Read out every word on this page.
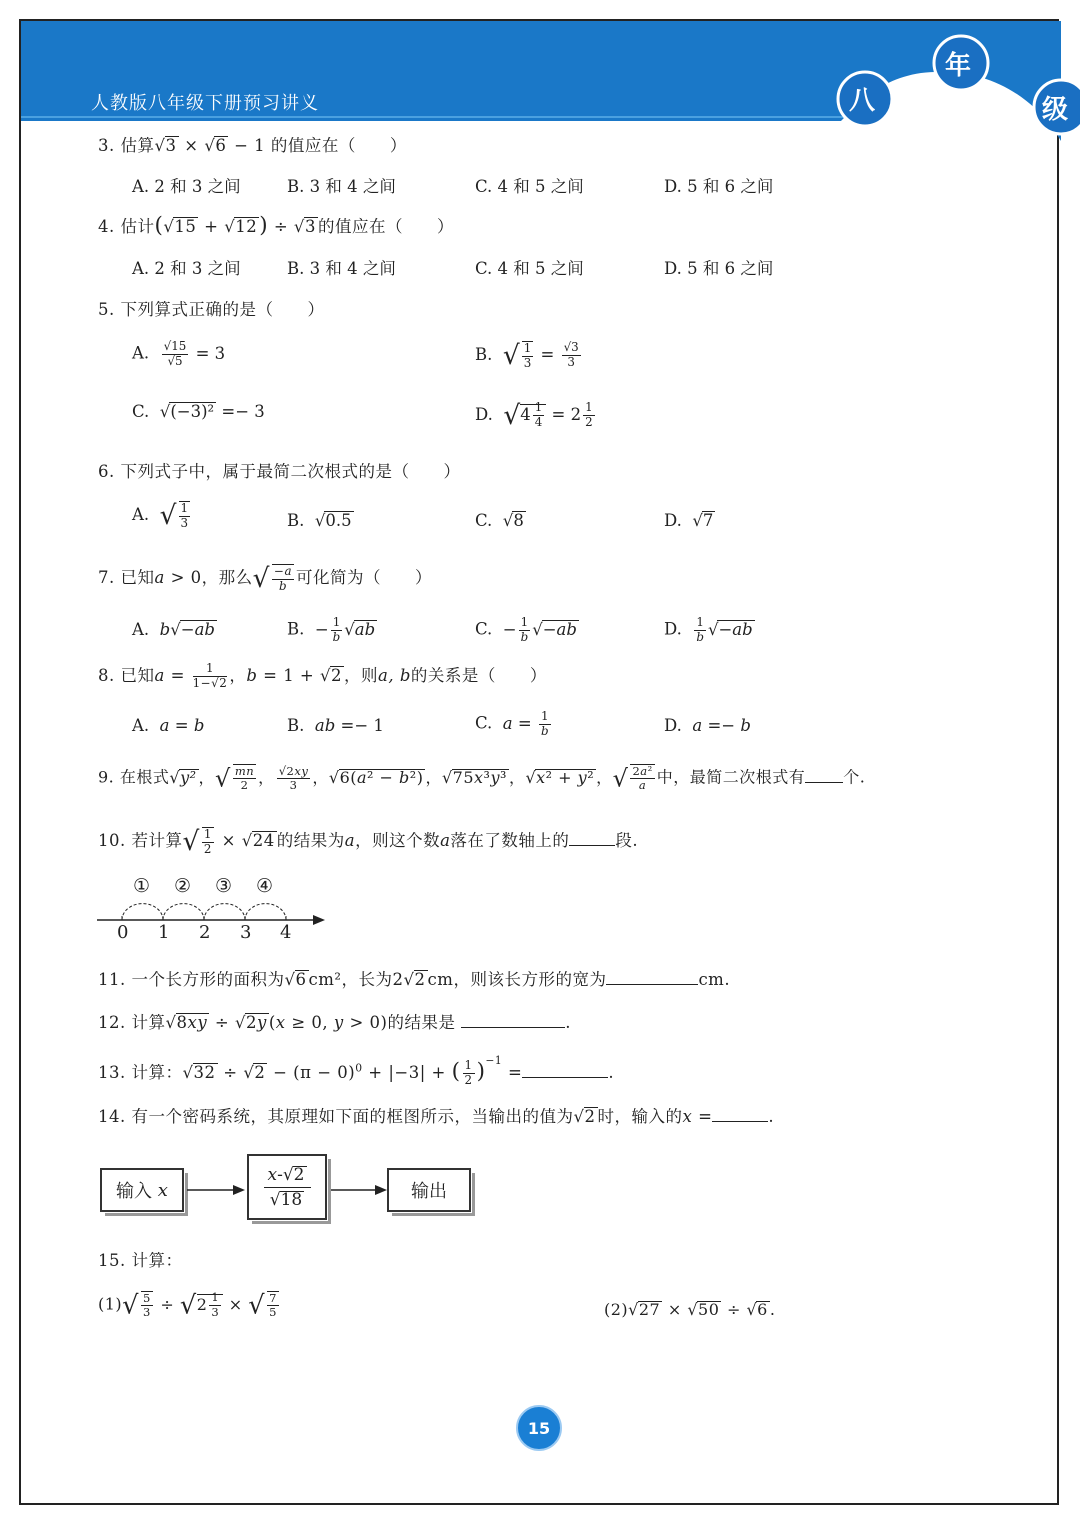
人教版八年级下册预习讲义	八
年
级
3. 估算√3 × √6 − 1 的值应在（　　）
A. 2 和 3 之间	B. 3 和 4 之间	C. 4 和 5 之间	D. 5 和 6 之间
4. 估计(√15 + √12) ÷ √3 的值应在（　　）
A. 2 和 3 之间	B. 3 和 4 之间	C. 4 和 5 之间	D. 5 和 6 之间
5. 下列算式正确的是（　　）
A. $\frac{√15}{√5} = 3$	B. √ $\frac{1}{3} = \frac{√3}{3}$
C. √(−3)² =− 3	D. $√4 \frac{1}{4} = 2 \frac{1}{2}$
6. 下列式子中，属于最简二次根式的是（　　）
A. √ $\frac{1}{3}$	B. √0.5	C. √8	D. √7
7. 已知a > 0，那么√ $\frac{-a}{b}$ 可化简为（　　）
A. b√−ab	B. − $\frac{1}{b} √ab$	C. − $\frac{1}{b} √-ab$	D. $\frac{1}{b} √-ab$
8. 已知$a = \frac{1}{1-√2}$ ，b = 1 + √2 ，则a, b的关系是（　　）
A. a = b	B. ab =− 1	C. $a = \frac{1}{b}$	D. a =− b
9. 在根式√y² ，√ $\frac{mn}{2}$ ， $\frac{√2xy}{3}$ ，√6(a² − b²) ，√75x³y³ ，√x² + y² ，√ $\frac{\text{2a²}}{a}$ 中，最简二次根式有 个.
10. 若计算√ $\frac{1}{2} \times √24$ 的结果为a，则这个数a落在了数轴上的	段.
① ② ③ ④
0 1 2 3 4
11. 一个长方形的面积为√6 cm²，长为2√2 cm，则该长方形的宽为	cm.
12. 计算√8xy ÷ √2y (x ≥ 0, y > 0)的结果是	.
13. 计算：$√32 \div √2 - (\pi - 0)^0 + |-3|$ + ( $\frac{1}{2} )^{-1}$ =	.
14. 有一个密码系统，其原理如下面的框图所示，当输出的值为√2 时，输入的x =	.
输入
x
x-√2
√18	输出
15. 计算：
$(1)√ \frac{5}{3} \div √2 \frac{1}{3}$ × √ $\frac{7}{5}$	(2)√27 × √50 ÷ √6 .
15
